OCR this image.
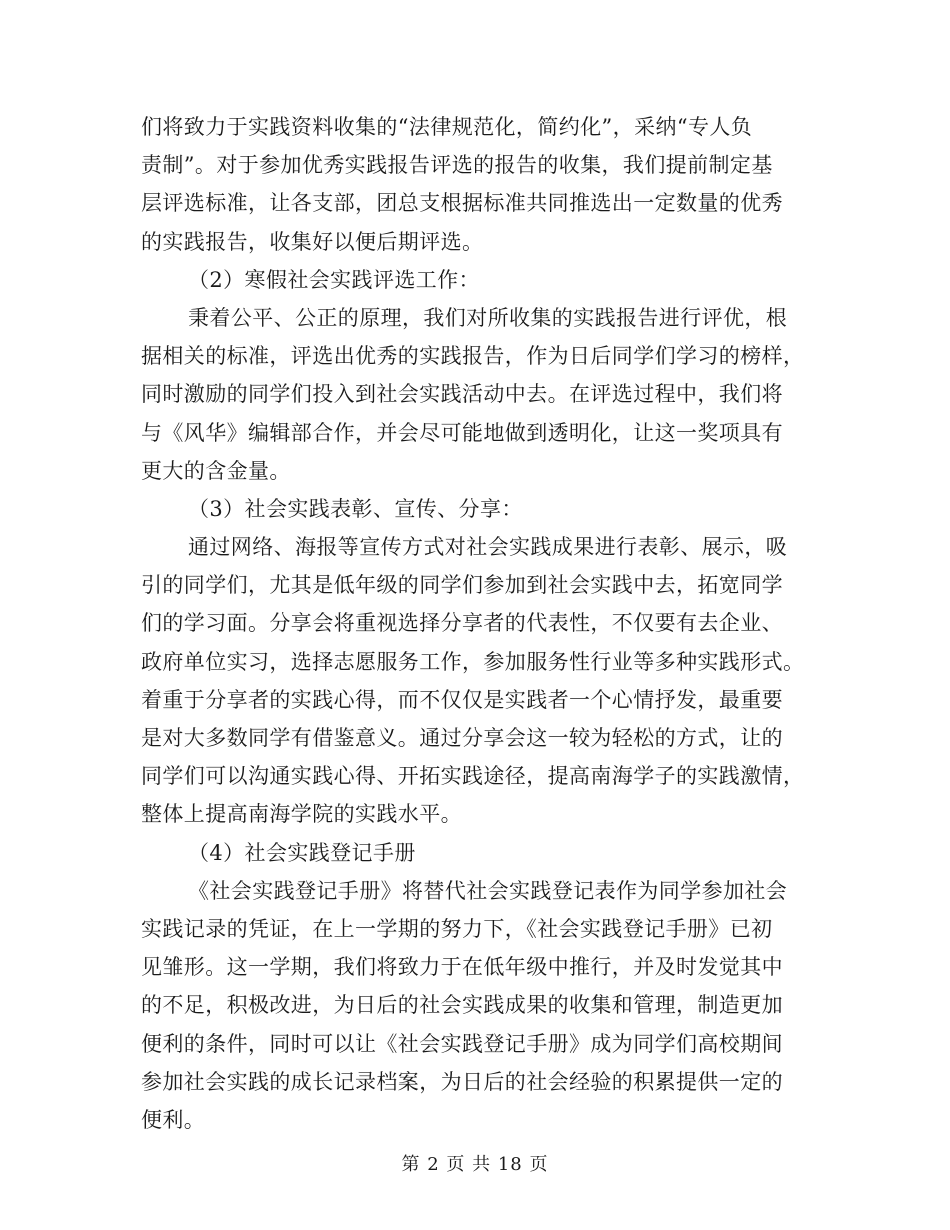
们将致力于实践资料收集的“法律规范化，简约化”，采纳“专人负
责制”。对于参加优秀实践报告评选的报告的收集，我们提前制定基
层评选标准，让各支部，团总支根据标准共同推选出一定数量的优秀
的实践报告，收集好以便后期评选。
（2）寒假社会实践评选工作：
秉着公平、公正的原理，我们对所收集的实践报告进行评优，根
据相关的标准，评选出优秀的实践报告，作为日后同学们学习的榜样，
同时激励的同学们投入到社会实践活动中去。在评选过程中，我们将
与《风华》编辑部合作，并会尽可能地做到透明化，让这一奖项具有
更大的含金量。
（3）社会实践表彰、宣传、分享：
通过网络、海报等宣传方式对社会实践成果进行表彰、展示，吸
引的同学们，尤其是低年级的同学们参加到社会实践中去，拓宽同学
们的学习面。分享会将重视选择分享者的代表性，不仅要有去企业、
政府单位实习，选择志愿服务工作，参加服务性行业等多种实践形式。
着重于分享者的实践心得，而不仅仅是实践者一个心情抒发，最重要
是对大多数同学有借鉴意义。通过分享会这一较为轻松的方式，让的
同学们可以沟通实践心得、开拓实践途径，提高南海学子的实践激情，
整体上提高南海学院的实践水平。
（4）社会实践登记手册
《社会实践登记手册》将替代社会实践登记表作为同学参加社会
实践记录的凭证，在上一学期的努力下，《社会实践登记手册》已初
见雏形。这一学期，我们将致力于在低年级中推行，并及时发觉其中
的不足，积极改进，为日后的社会实践成果的收集和管理，制造更加
便利的条件，同时可以让《社会实践登记手册》成为同学们高校期间
参加社会实践的成长记录档案，为日后的社会经验的积累提供一定的
便利。
第 2 页 共 18 页
